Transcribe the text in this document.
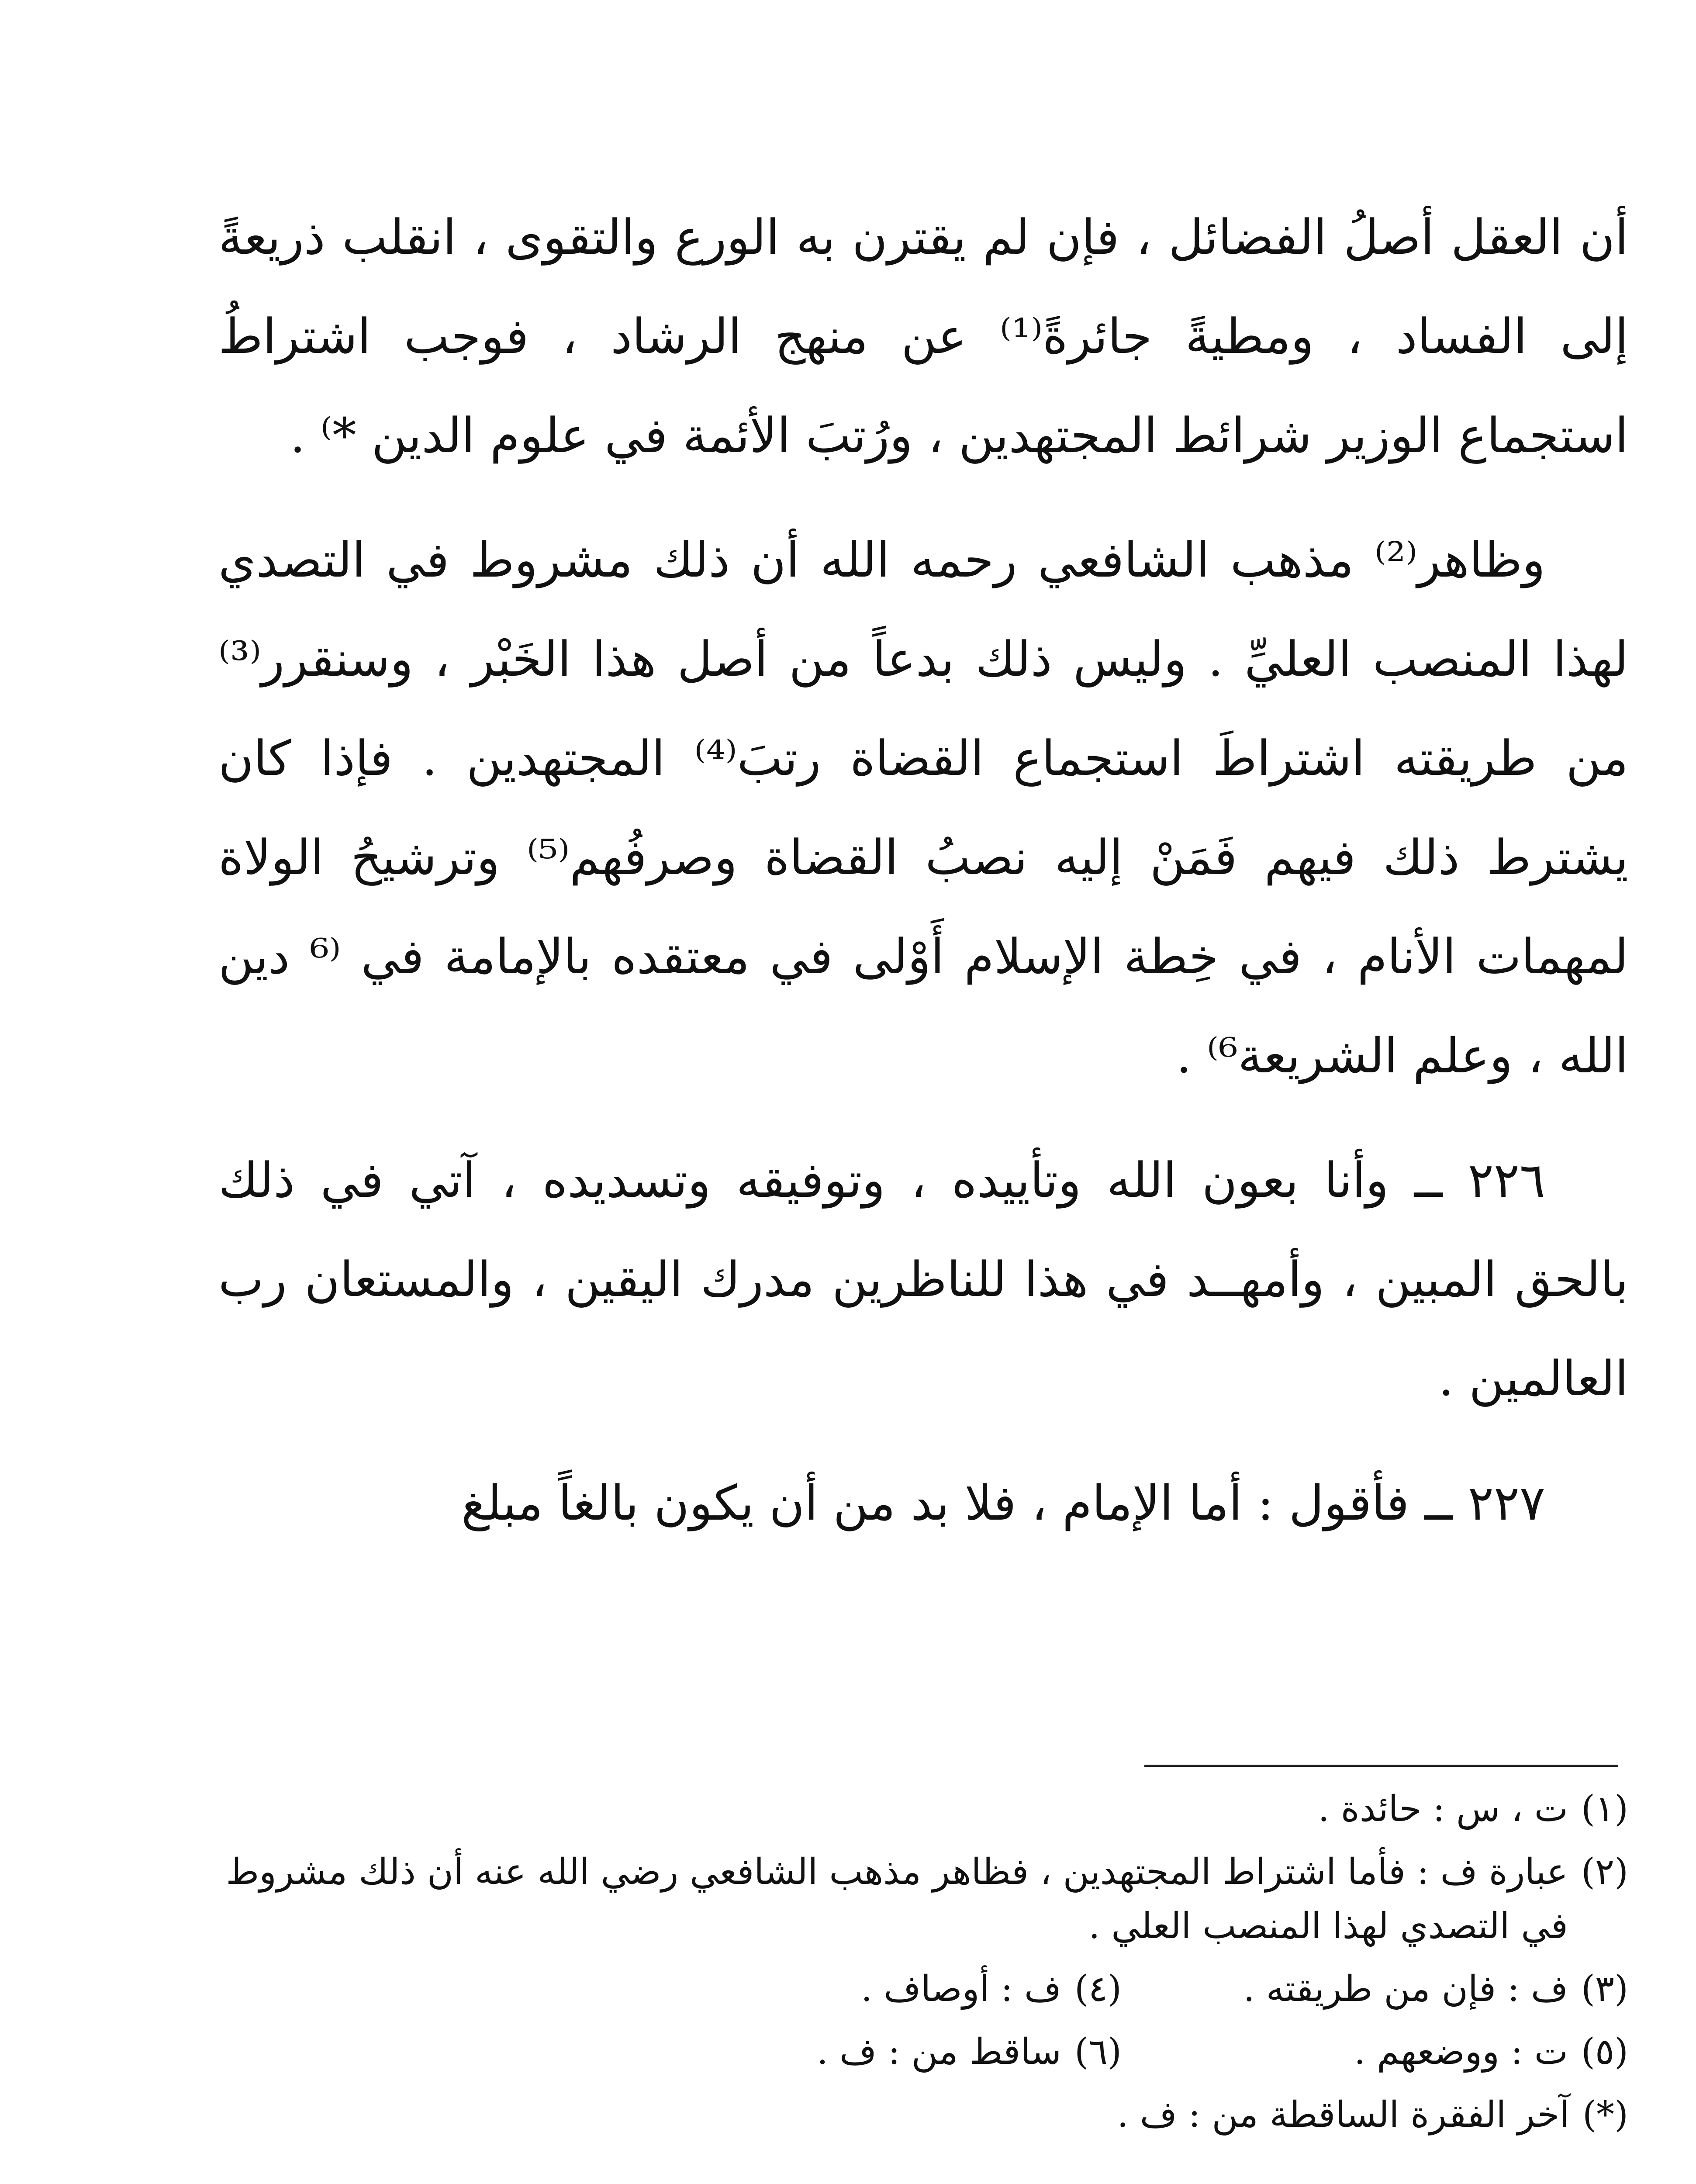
أن العقل أصلُ الفضائل ، فإن لم يقترن به الورع والتقوى ، انقلب ذريعةً إلى الفساد ، ومطيةً جائرةً⁽¹⁾ عن منهج الرشاد ، فوجب اشتراطُ استجماع الوزير شرائط المجتهدين ، ورُتبَ الأئمة في علوم الدين *⁾ .

وظاهر⁽²⁾ مذهب الشافعي رحمه الله أن ذلك مشروط في التصدي لهذا المنصب العليِّ . وليس ذلك بدعاً من أصل هذا الخَبْر ، وسنقرر⁽³⁾ من طريقته اشتراطَ استجماع القضاة رتبَ⁽⁴⁾ المجتهدين . فإذا كان يشترط ذلك فيهم فَمَنْ إليه نصبُ القضاة وصرفُهم⁽⁵⁾ وترشيحُ الولاة لمهمات الأنام ، في خِطة الإسلام أَوْلى في معتقده بالإمامة في ⁽⁶ دين الله ، وعلم الشريعة⁶⁾ .

٢٢٦ ــ وأنا بعون الله وتأييده ، وتوفيقه وتسديده ، آتي في ذلك بالحق المبين ، وأمهــد في هذا للناظرين مدرك اليقين ، والمستعان رب العالمين .

٢٢٧ ــ فأقول : أما الإمام ، فلا بد من أن يكون بالغاً مبلغ

(١)
ت ، س : حائدة .
(٢)
عبارة ف : فأما اشتراط المجتهدين ، فظاهر مذهب الشافعي رضي الله عنه أن ذلك مشروط في التصدي لهذا المنصب العلي .
(٣)
ف : فإن من طريقته .
(٤)
ف : أوصاف .
(٥)
ت : ووضعهم .
(٦)
ساقط من : ف .
(*)
آخر الفقرة الساقطة من : ف .
